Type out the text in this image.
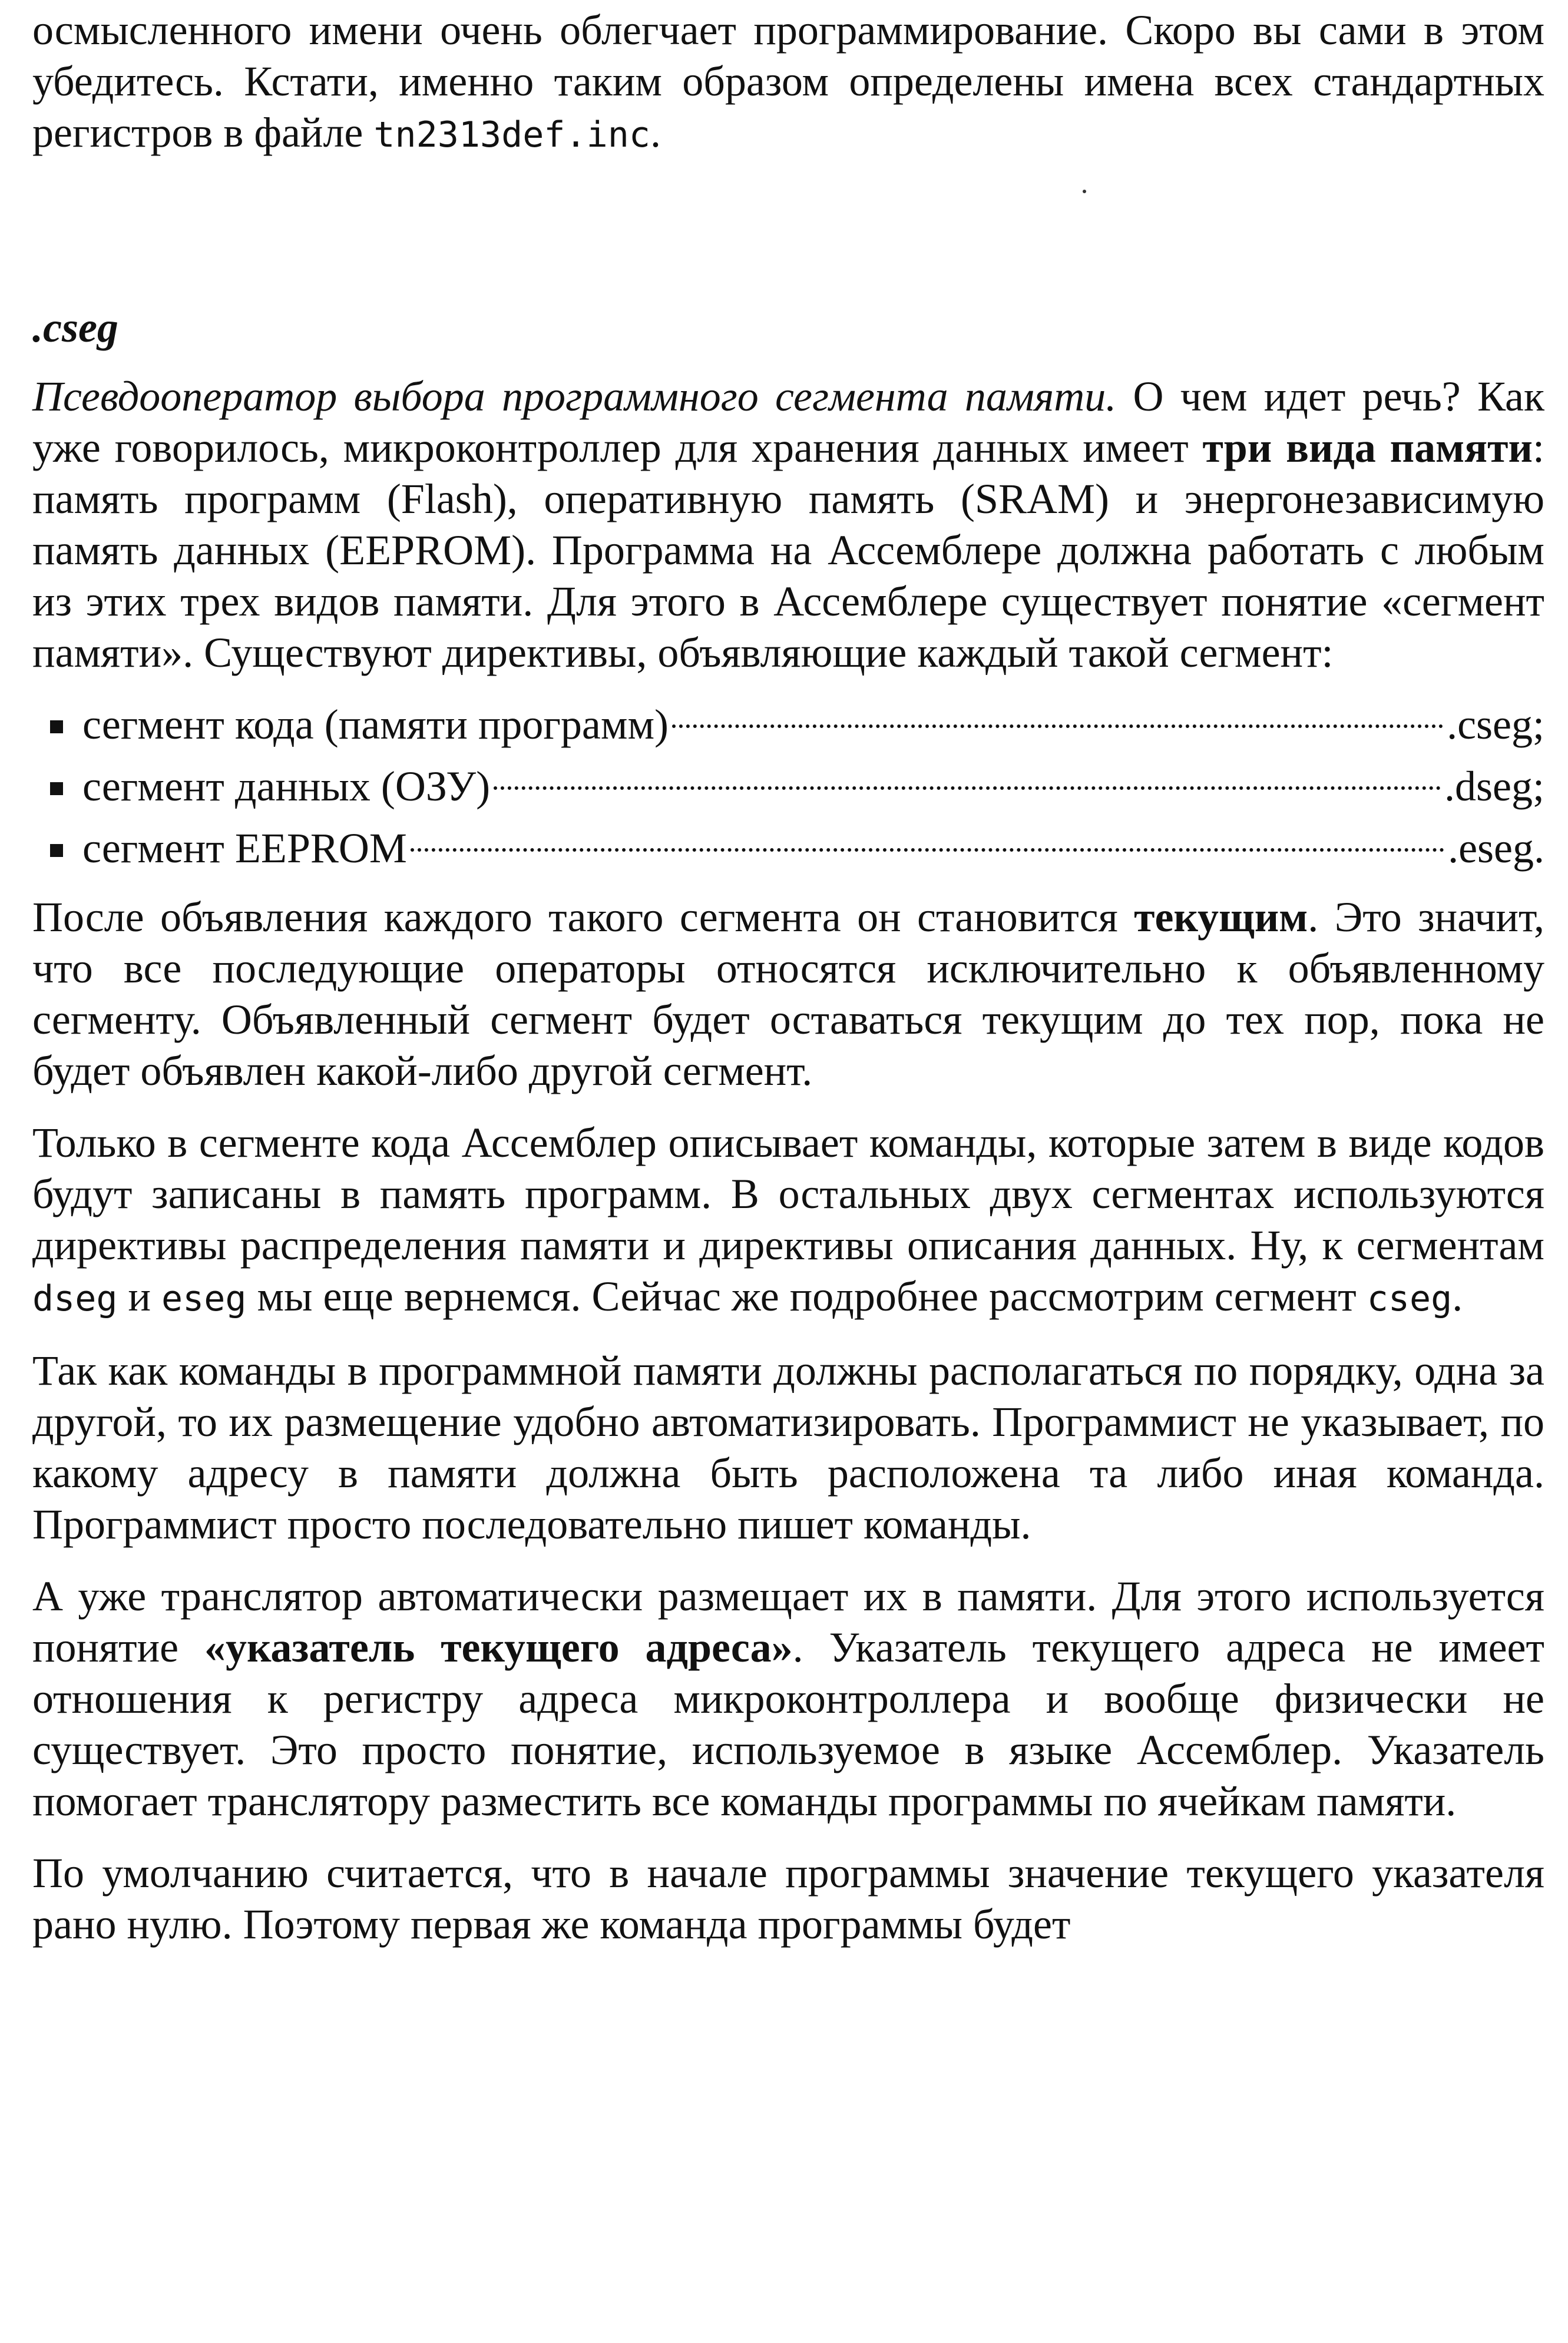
осмысленного имени очень облегчает программирование. Скоро вы сами в этом убедитесь. Кстати, именно таким образом определены имена всех стандартных регистров в файле tn2313def.inc.

.cseg

Псевдооператор выбора программного сегмента памяти. О чем идет речь? Как уже говорилось, микроконтроллер для хранения данных имеет три вида памяти: память программ (Flash), оперативную память (SRAM) и энергонезависимую память данных (EEPROM). Программа на Ассемблере должна работать с любым из этих трех видов памяти. Для этого в Ассемблере существует понятие «сегмент памяти». Существуют директивы, объявляющие каждый такой сегмент:

сегмент кода (памяти программ)	.cseg;
сегмент данных (ОЗУ)	.dseg;
сегмент EEPROM	.eseg.

После объявления каждого такого сегмента он становится текущим. Это значит, что все последующие операторы относятся исключительно к объявленному сегменту. Объявленный сегмент будет оставаться текущим до тех пор, пока не будет объявлен какой-либо другой сегмент.

Только в сегменте кода Ассемблер описывает команды, которые затем в виде кодов будут записаны в память программ. В остальных двух сегментах используются директивы распределения памяти и директивы описания данных. Ну, к сегментам dseg и eseg мы еще вернемся. Сейчас же подробнее рассмотрим сегмент cseg.

Так как команды в программной памяти должны располагаться по порядку, одна за другой, то их размещение удобно автоматизировать. Программист не указывает, по какому адресу в памяти должна быть расположена та либо иная команда. Программист просто последовательно пишет команды.

А уже транслятор автоматически размещает их в памяти. Для этого используется понятие «указатель текущего адреса». Указатель текущего адреса не имеет отношения к регистру адреса микроконтроллера и вообще физически не существует. Это просто понятие, используемое в языке Ассемблер. Указатель помогает транслятору разместить все команды программы по ячейкам памяти.

По умолчанию считается, что в начале программы значение текущего указателя рано нулю. Поэтому первая же команда программы будет
